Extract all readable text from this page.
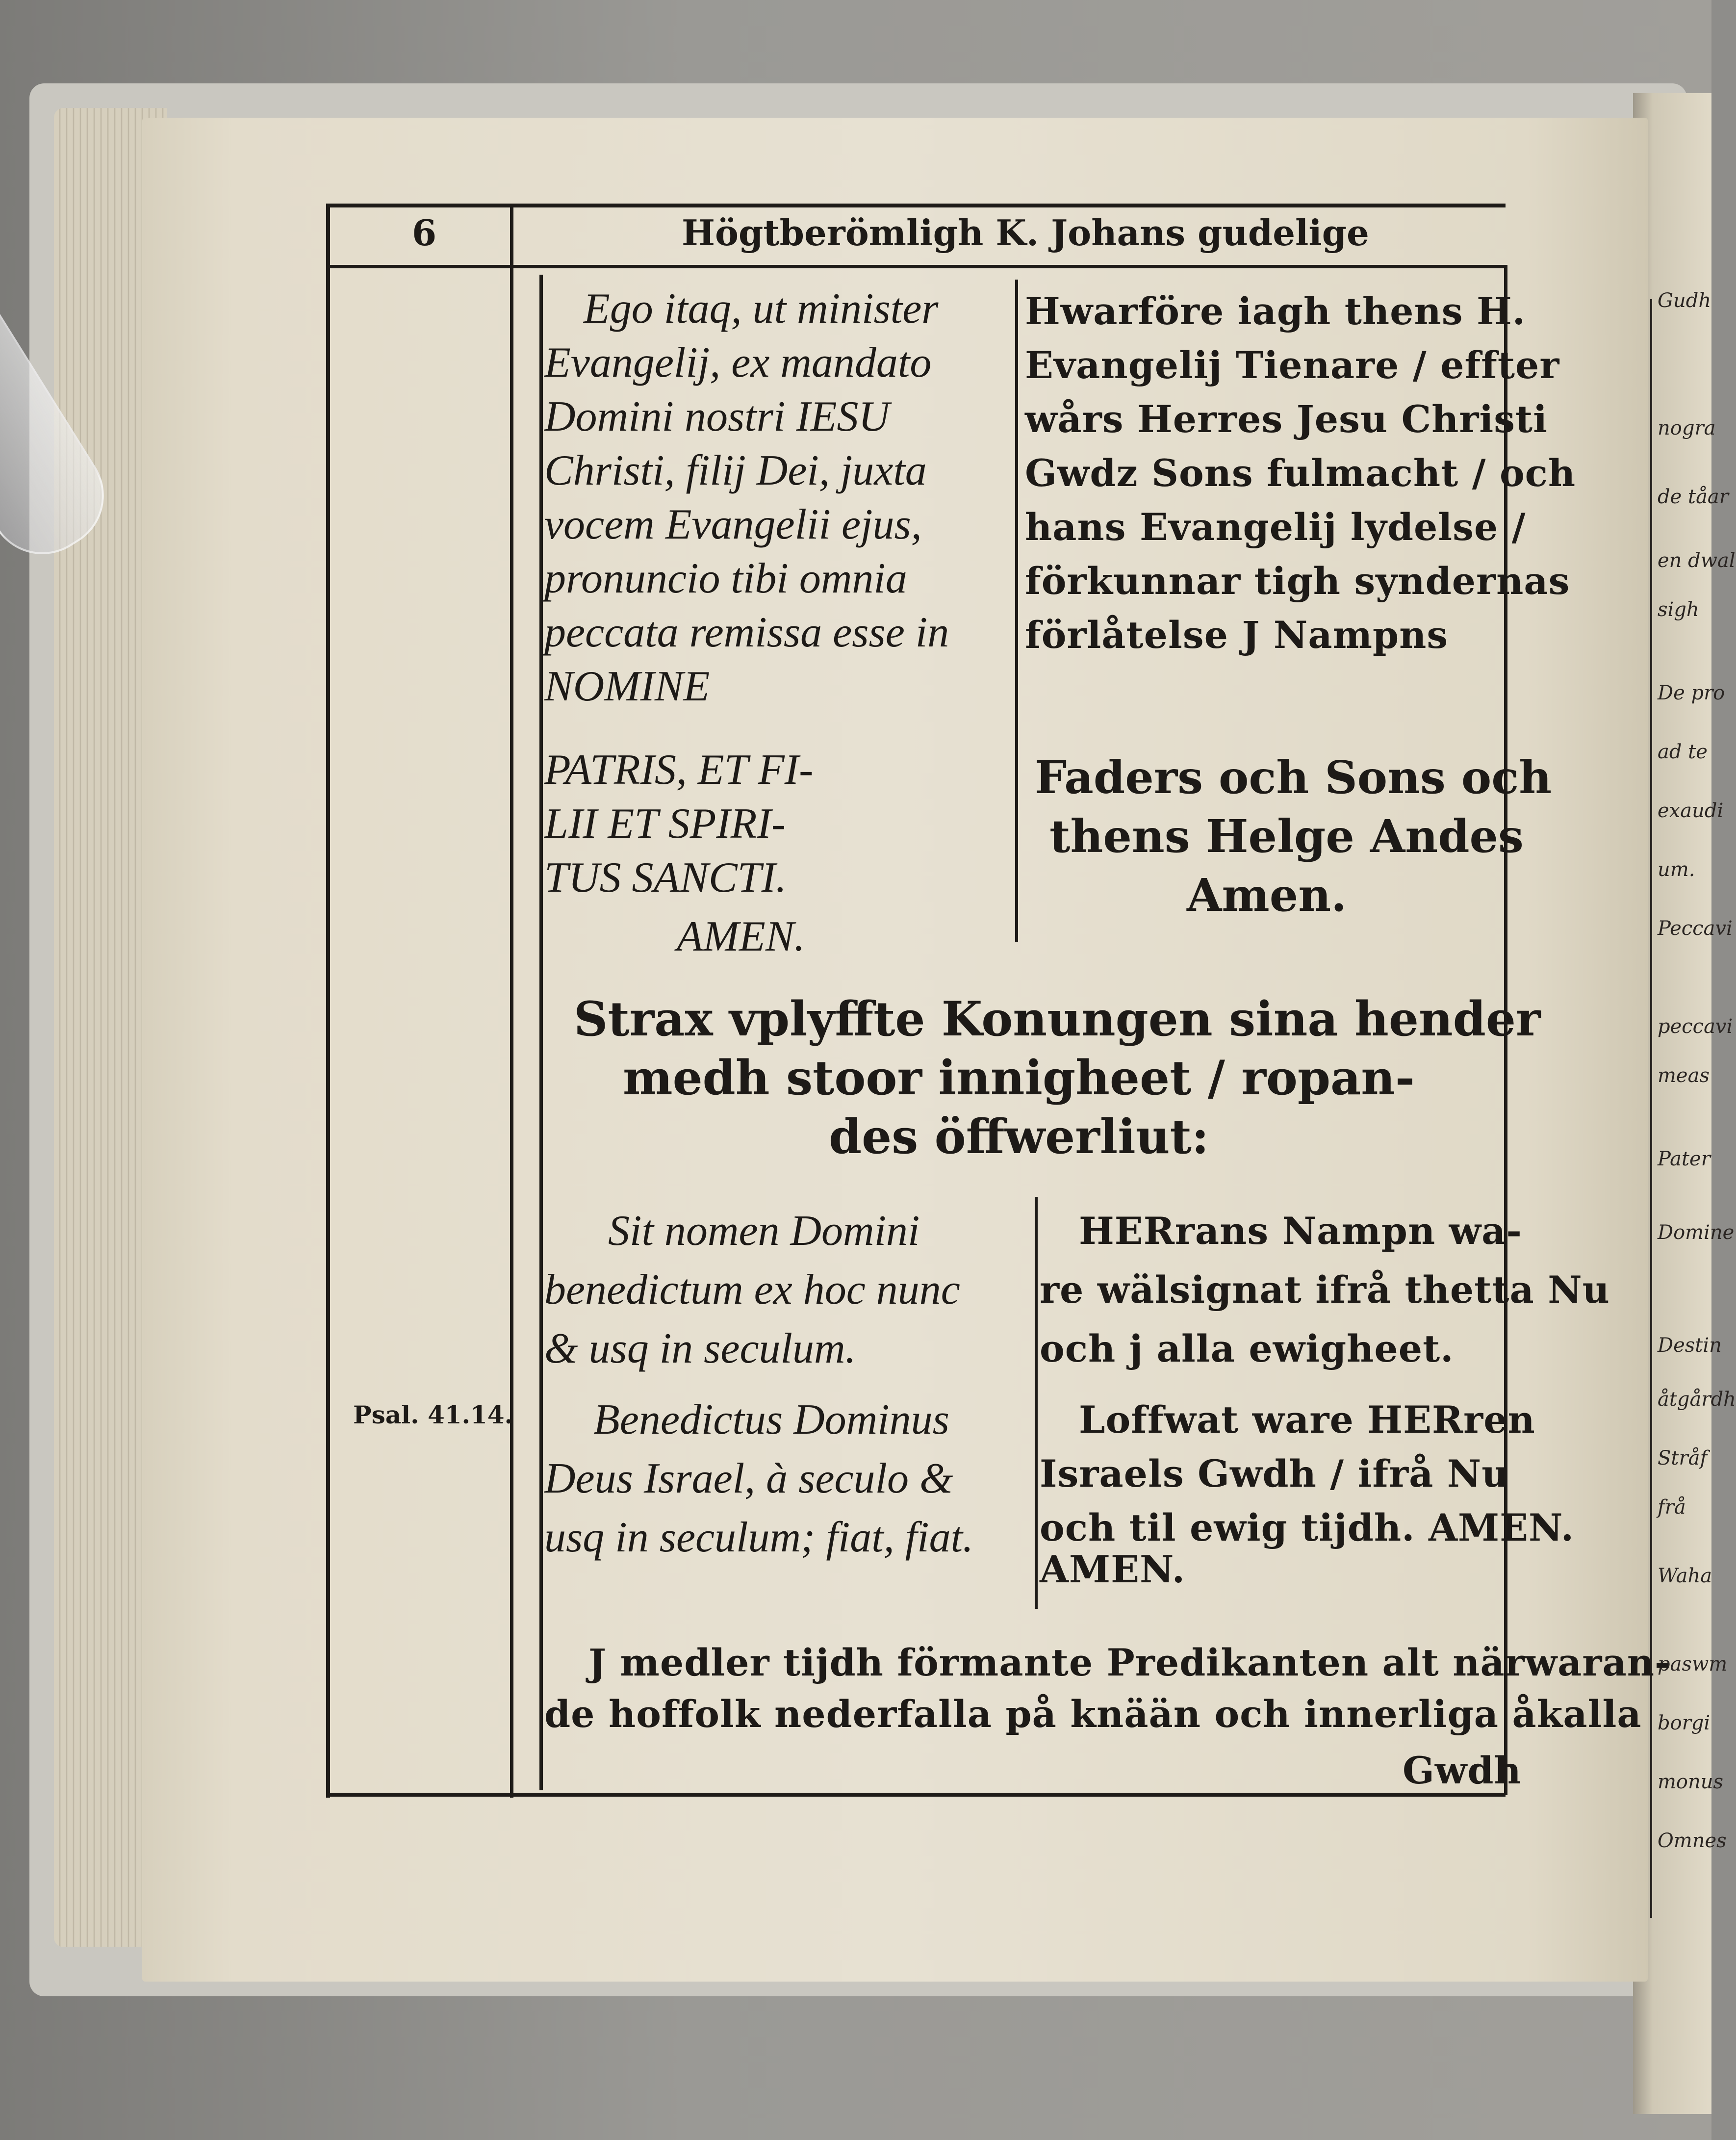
Gudh
nogra
de tåar
en dwal
sigh
De pro
ad te
exaudi
um.
Peccavi
peccavi
meas
Pater
Domine
Destin
åtgårdh
Stråf
frå
Waha
paswm
borgi
monus
Omnes
6	Högtberömligh K. Johans gudelige
Ego itaq, ut minister
Evangelij, ex mandato
Domini nostri IESU
Christi, filij Dei, juxta
vocem Evangelii ejus,
pronuncio tibi omnia
peccata remissa esse in
NOMINE
PATRIS, ET FI-
LII ET SPIRI-
TUS SANCTI.
AMEN.
Hwarföre iagh thens H.
Evangelij Tienare / effter
wårs Herres Jesu Christi
Gwdz Sons fulmacht / och
hans Evangelij lydelse /
förkunnar tigh syndernas
förlåtelse J Nampns
Faders och Sons och
thens Helge Andes
Amen.
Strax vplyffte Konungen sina hender
medh stoor innigheet / ropan-
des öffwerliut:
Psal. 41.14.
Sit nomen Domini
benedictum ex hoc nunc
& usq in seculum.
Benedictus Dominus
Deus Israel, à seculo &
usq in seculum; fiat, fiat.
HERrans Nampn wa-
re wälsignat ifrå thetta Nu
och j alla ewigheet.
Loffwat ware HERren
Israels Gwdh / ifrå Nu
och til ewig tijdh. AMEN.
AMEN.
J medler tijdh förmante Predikanten alt närwaran-
de hoffolk nederfalla på knään och innerliga åkalla
Gwdh
